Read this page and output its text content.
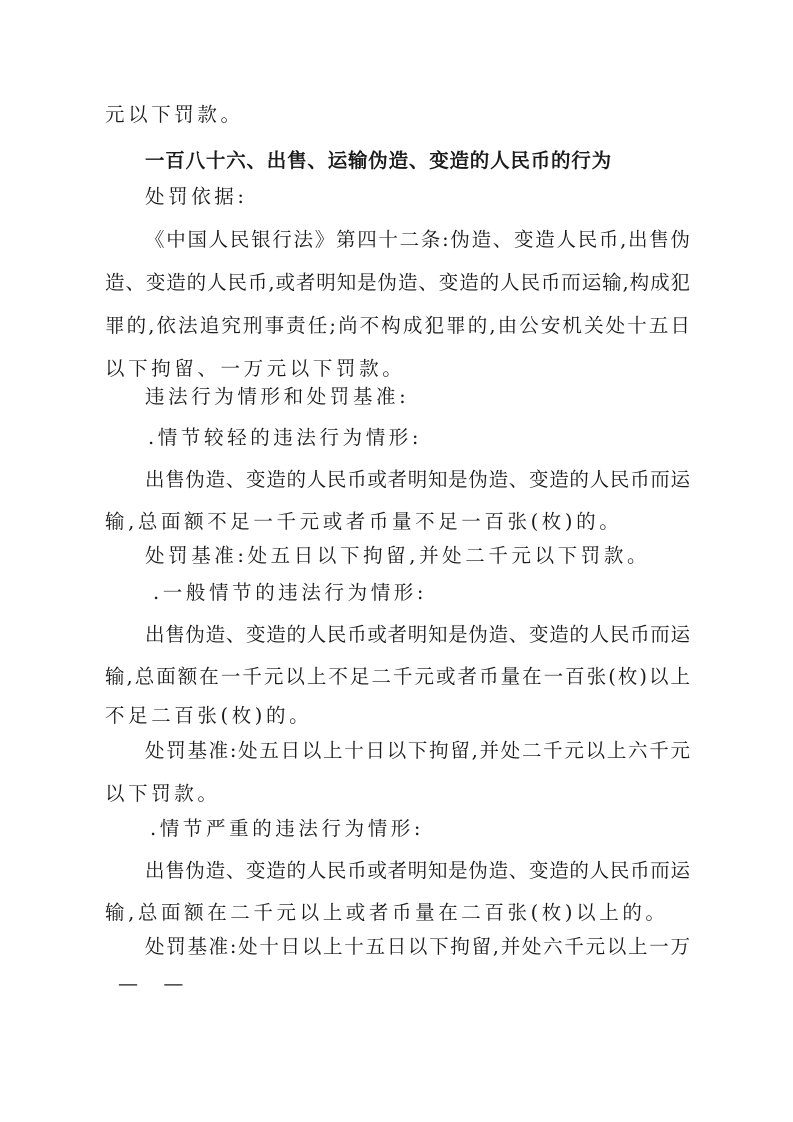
元以下罚款。
一百八十六、出售、运输伪造、变造的人民币的行为
处罚依据:
《中国人民银行法》第四十二条:伪造、变造人民币,出售伪
造、变造的人民币,或者明知是伪造、变造的人民币而运输,构成犯
罪的,依法追究刑事责任;尚不构成犯罪的,由公安机关处十五日
以下拘留、一万元以下罚款。
违法行为情形和处罚基准:
.情节较轻的违法行为情形:
出售伪造、变造的人民币或者明知是伪造、变造的人民币而运
输,总面额不足一千元或者币量不足一百张(枚)的。
处罚基准:处五日以下拘留,并处二千元以下罚款。
.一般情节的违法行为情形:
出售伪造、变造的人民币或者明知是伪造、变造的人民币而运
输,总面额在一千元以上不足二千元或者币量在一百张(枚)以上
不足二百张(枚)的。
处罚基准:处五日以上十日以下拘留,并处二千元以上六千元
以下罚款。
.情节严重的违法行为情形:
出售伪造、变造的人民币或者明知是伪造、变造的人民币而运
输,总面额在二千元以上或者币量在二百张(枚)以上的。
处罚基准:处十日以上十五日以下拘留,并处六千元以上一万
—    —
